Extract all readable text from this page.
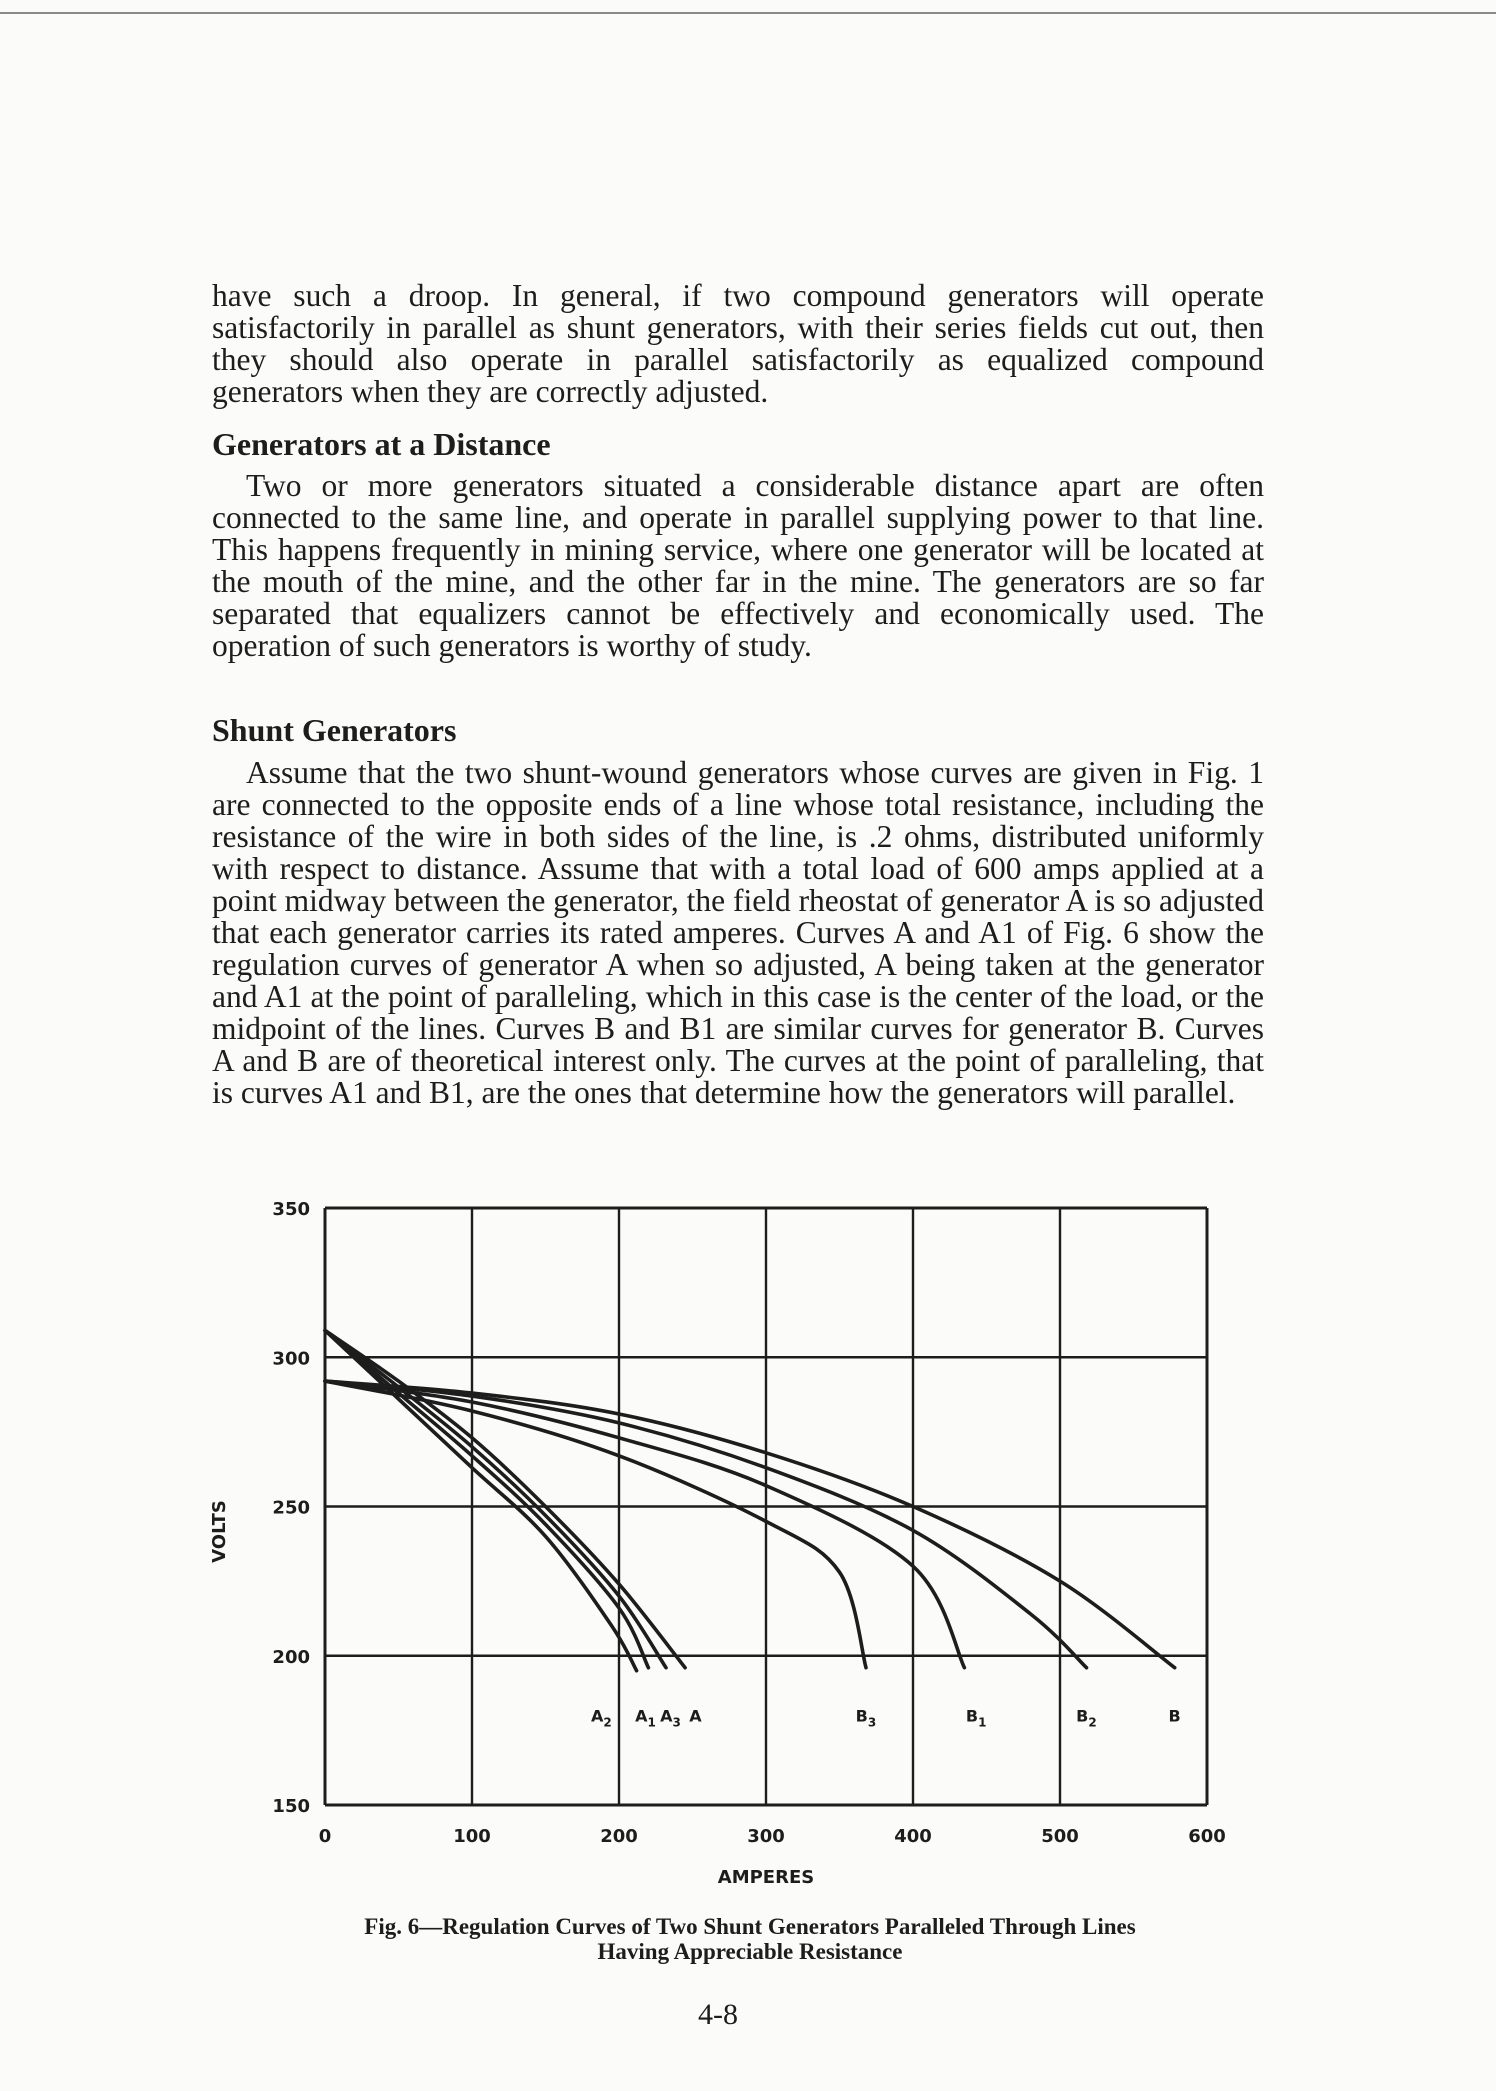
have such a droop. In general, if two compound generators will operate satisfactorily in parallel as shunt generators, with their series fields cut out, then they should also operate in parallel satisfactorily as equalized compound generators when they are correctly adjusted.

Generators at a Distance

Two or more generators situated a considerable distance apart are often connected to the same line, and operate in parallel supplying power to that line. This happens frequently in mining service, where one generator will be located at the mouth of the mine, and the other far in the mine. The generators are so far separated that equalizers cannot be effectively and economically used. The operation of such generators is worthy of study.

Shunt Generators

Assume that the two shunt-wound generators whose curves are given in Fig. 1 are connected to the opposite ends of a line whose total resistance, including the resistance of the wire in both sides of the line, is .2 ohms, distributed uniformly with respect to distance. Assume that with a total load of 600 amps applied at a point midway between the generator, the field rheostat of generator A is so adjusted that each generator carries its rated amperes. Curves A and A1 of Fig. 6 show the regulation curves of generator A when so adjusted, A being taken at the generator and A1 at the point of paralleling, which in this case is the center of the load, or the midpoint of the lines. Curves B and B1 are similar curves for generator B. Curves A and B are of theoretical interest only. The curves at the point of paralleling, that is curves A1 and B1, are the ones that determine how the generators will parallel.

0	100	200	300	400	500	600
150
200
250
300
350
A
$A_3$
$A_1$
$A_2$	$B_3$	$B_1$	$B_2$	B
AMPERES
VOLTS
Fig. 6—Regulation Curves of Two Shunt Generators Paralleled Through Lines
Having Appreciable Resistance
4-8
